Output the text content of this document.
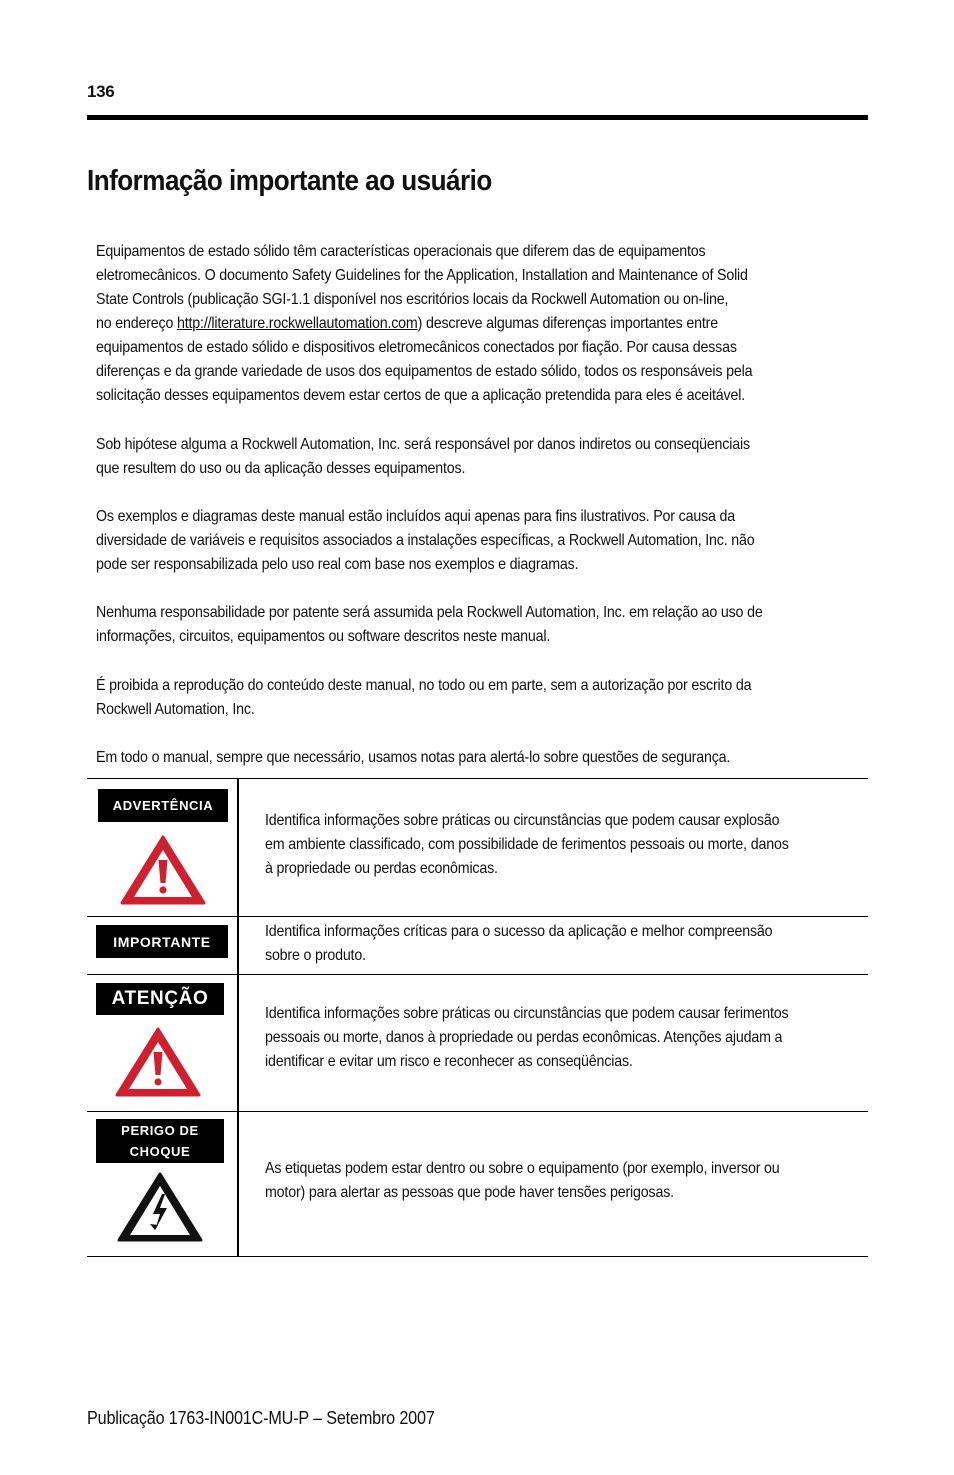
136
Informação importante ao usuário

Equipamentos de estado sólido têm características operacionais que diferem das de equipamentos

eletromecânicos. O documento Safety Guidelines for the Application, Installation and Maintenance of Solid

State Controls (publicação SGI-1.1 disponível nos escritórios locais da Rockwell Automation ou on-line,

no endereço http://literature.rockwellautomation.com) descreve algumas diferenças importantes entre

equipamentos de estado sólido e dispositivos eletromecânicos conectados por fiação. Por causa dessas

diferenças e da grande variedade de usos dos equipamentos de estado sólido, todos os responsáveis pela

solicitação desses equipamentos devem estar certos de que a aplicação pretendida para eles é aceitável.

Sob hipótese alguma a Rockwell Automation, Inc. será responsável por danos indiretos ou conseqüenciais

que resultem do uso ou da aplicação desses equipamentos.

Os exemplos e diagramas deste manual estão incluídos aqui apenas para fins ilustrativos. Por causa da

diversidade de variáveis e requisitos associados a instalações específicas, a Rockwell Automation, Inc. não

pode ser responsabilizada pelo uso real com base nos exemplos e diagramas.

Nenhuma responsabilidade por patente será assumida pela Rockwell Automation, Inc. em relação ao uso de

informações, circuitos, equipamentos ou software descritos neste manual.

É proibida a reprodução do conteúdo deste manual, no todo ou em parte, sem a autorização por escrito da

Rockwell Automation, Inc.

Em todo o manual, sempre que necessário, usamos notas para alertá-lo sobre questões de segurança.

ADVERTÊNCIA

Identifica informações sobre práticas ou circunstâncias que podem causar explosão

em ambiente classificado, com possibilidade de ferimentos pessoais ou morte, danos

à propriedade ou perdas econômicas.

IMPORTANTE

Identifica informações críticas para o sucesso da aplicação e melhor compreensão

sobre o produto.

ATENÇÃO

Identifica informações sobre práticas ou circunstâncias que podem causar ferimentos

pessoais ou morte, danos à propriedade ou perdas econômicas. Atenções ajudam a

identificar e evitar um risco e reconhecer as conseqüências.

PERIGO DE
CHOQUE

As etiquetas podem estar dentro ou sobre o equipamento (por exemplo, inversor ou

motor) para alertar as pessoas que pode haver tensões perigosas.

Publicação 1763-IN001C-MU-P – Setembro 2007
